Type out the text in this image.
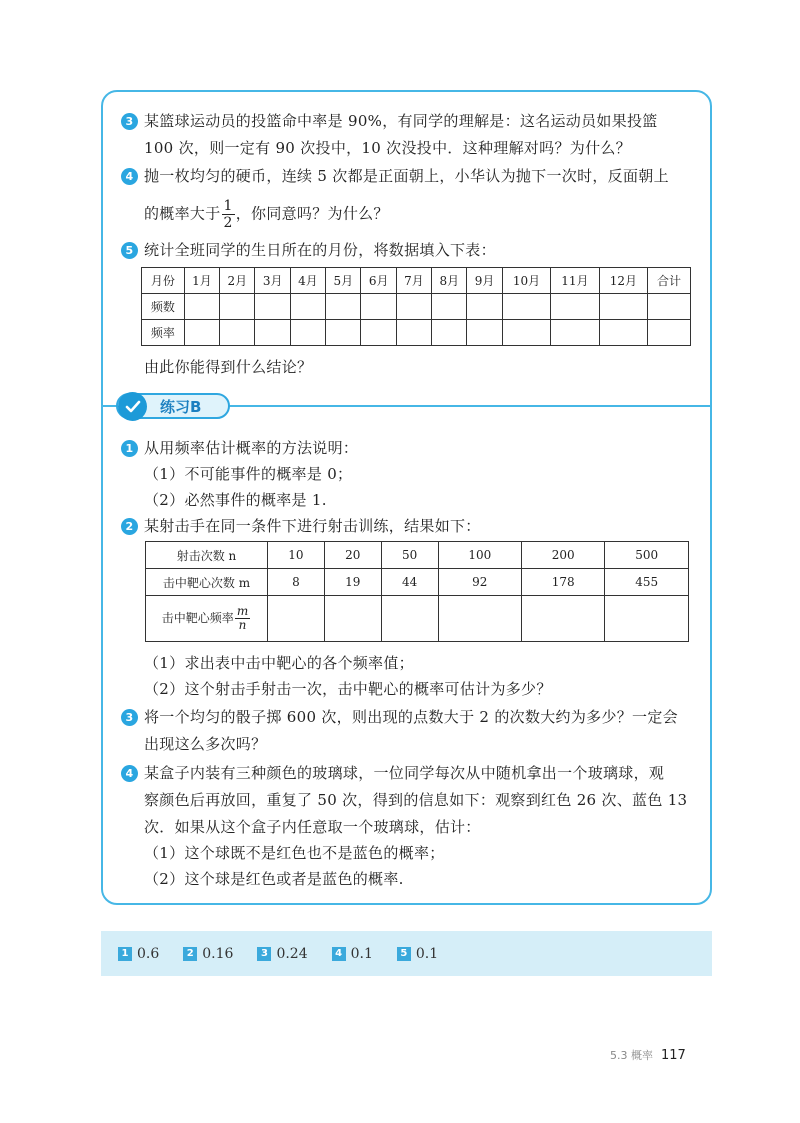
3 某篮球运动员的投篮命中率是 90%，有同学的理解是：这名运动员如果投篮
100 次，则一定有 90 次投中，10 次没投中．这种理解对吗？为什么？
4 抛一枚均匀的硬币，连续 5 次都是正面朝上，小华认为抛下一次时，反面朝上
的概率大于 $\frac{1}{2}$ ，你同意吗？为什么？
5 统计全班同学的生日所在的月份，将数据填入下表：
月份	1月	2月	3月	4月	5月	6月	7月	8月	9月	10月	11月	12月	合计
频数													
频率													
由此你能得到什么结论？
练习B
1 从用频率估计概率的方法说明：
（1）不可能事件的概率是 0；
（2）必然事件的概率是 1.
2 某射击手在同一条件下进行射击训练，结果如下：
射击次数 n	10	20	50	100	200	500
击中靶心次数 m	8	19	44	92	178	455
击中靶心频率 $\frac{m}{n}$

（1）求出表中击中靶心的各个频率值；
（2）这个射击手射击一次，击中靶心的概率可估计为多少？
3 将一个均匀的骰子掷 600 次，则出现的点数大于 2 的次数大约为多少？一定会
出现这么多次吗？
4 某盒子内装有三种颜色的玻璃球，一位同学每次从中随机拿出一个玻璃球，观
察颜色后再放回，重复了 50 次，得到的信息如下：观察到红色 26 次、蓝色 13
次．如果从这个盒子内任意取一个玻璃球，估计：
（1）这个球既不是红色也不是蓝色的概率；
（2）这个球是红色或者是蓝色的概率.
1 0.6	2 0.16	3 0.24	4 0.1	5 0.1
5.3 概率 117
